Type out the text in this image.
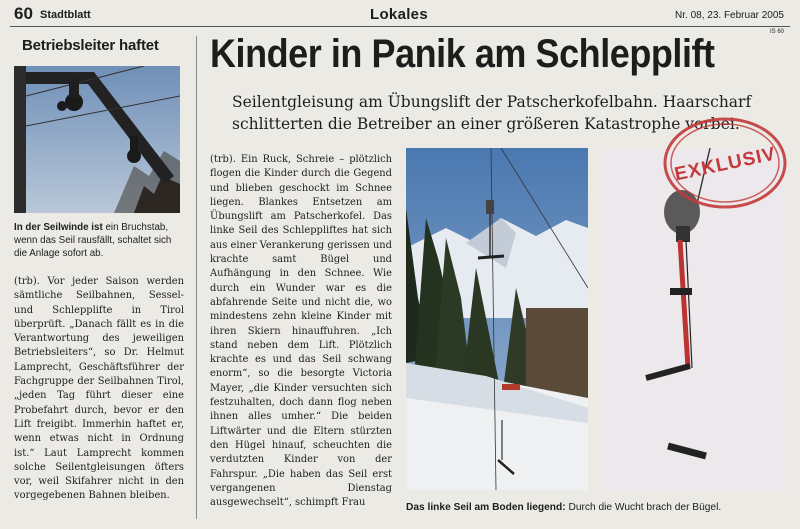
60 Stadtblatt	Lokales	Nr. 08, 23. Februar 2005
IS 60
Betriebsleiter haftet
In der Seilwinde ist ein Bruchstab, wenn das Seil rausfällt, schaltet sich die Anlage sofort ab.
(trb). Vor jeder Saison werden sämtliche Seilbahnen, Sessel- und Schlepplifte in Tirol überprüft. „Danach fällt es in die Verantwortung des jeweiligen Betriebsleiters“, so Dr. Helmut Lamprecht, Geschäftsführer der Fachgruppe der Seilbahnen Tirol, „jeden Tag führt dieser eine Probefahrt durch, bevor er den Lift freigibt. Immerhin haftet er, wenn etwas nicht in Ordnung ist.“ Laut Lamprecht kommen solche Seilentgleisungen öfters vor, weil Skifahrer nicht in den vorgegebenen Bahnen bleiben.
Kinder in Panik am Schlepplift
Seilentgleisung am Übungslift der Patscherkofelbahn. Haarscharf schlitterten die Betreiber an einer größeren Katastrophe vorbei.
(trb). Ein Ruck, Schreie – plötzlich flogen die Kinder durch die Gegend und blieben geschockt im Schnee liegen. Blankes Entsetzen am Übungslift am Patscherkofel. Das linke Seil des Schleppliftes hat sich aus einer Verankerung gerissen und krachte samt Bügel und Aufhängung in den Schnee. Wie durch ein Wunder war es die abfahrende Seite und nicht die, wo mindestens zehn kleine Kinder mit ihren Skiern hinauffuhren. „Ich stand neben dem Lift. Plötzlich krachte es und das Seil schwang enorm“, so die besorgte Victoria Mayer, „die Kinder versuchten sich festzuhalten, doch dann flog neben ihnen alles umher.“ Die beiden Liftwärter und die Eltern stürzten den Hügel hinauf, scheuchten die verdutzten Kinder von der Fahrspur. „Die haben das Seil erst vergangenen Dienstag ausgewechselt“, schimpft Frau
EXKLUSIV
Das linke Seil am Boden liegend: Durch die Wucht brach der Bügel.
